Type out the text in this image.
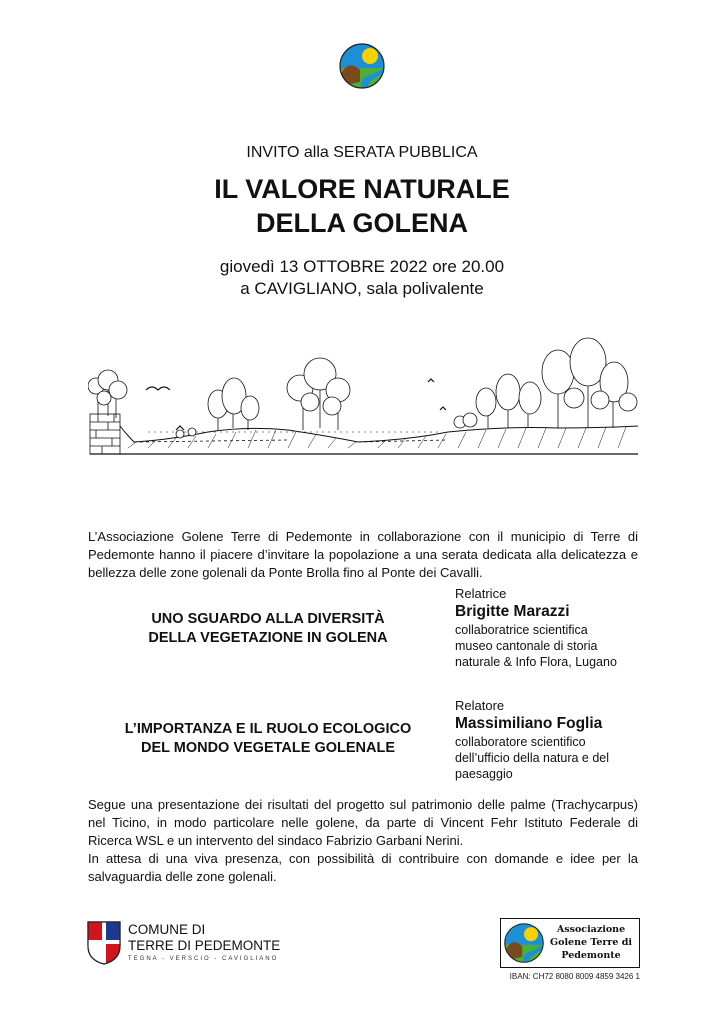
INVITO alla SERATA PUBBLICA
IL VALORE NATURALE
DELLA GOLENA
giovedì 13 OTTOBRE 2022 ore 20.00
a CAVIGLIANO, sala polivalente
L’Associazione Golene Terre di Pedemonte in collaborazione con il municipio di Terre di Pedemonte hanno il piacere d’invitare la popolazione a una serata dedicata alla delicatezza e bellezza delle zone golenali da Ponte Brolla fino al Ponte dei Cavalli.
UNO SGUARDO ALLA DIVERSITÀ
DELLA VEGETAZIONE IN GOLENA
Relatrice
Brigitte Marazzi
collaboratrice scientifica
museo cantonale di storia
naturale & Info Flora, Lugano
L’IMPORTANZA E IL RUOLO ECOLOGICO
DEL MONDO VEGETALE GOLENALE
Relatore
Massimiliano Foglia
collaboratore scientifico
dell’ufficio della natura e del
paesaggio

Segue una presentazione dei risultati del progetto sul patrimonio delle palme (Trachycarpus) nel Ticino, in modo particolare nelle golene, da parte di Vincent Fehr Istituto Federale di Ricerca WSL e un intervento del sindaco Fabrizio Garbani Nerini.

In attesa di una viva presenza, con possibilità di contribuire con domande e idee per la salvaguardia delle zone golenali.

COMUNE DI
TERRE DI PEDEMONTE
TEGNA - VERSCIO - CAVIGLIANO
Associazione
Golene Terre di
Pedemonte
IBAN: CH72 8080 8009 4859 3426 1
